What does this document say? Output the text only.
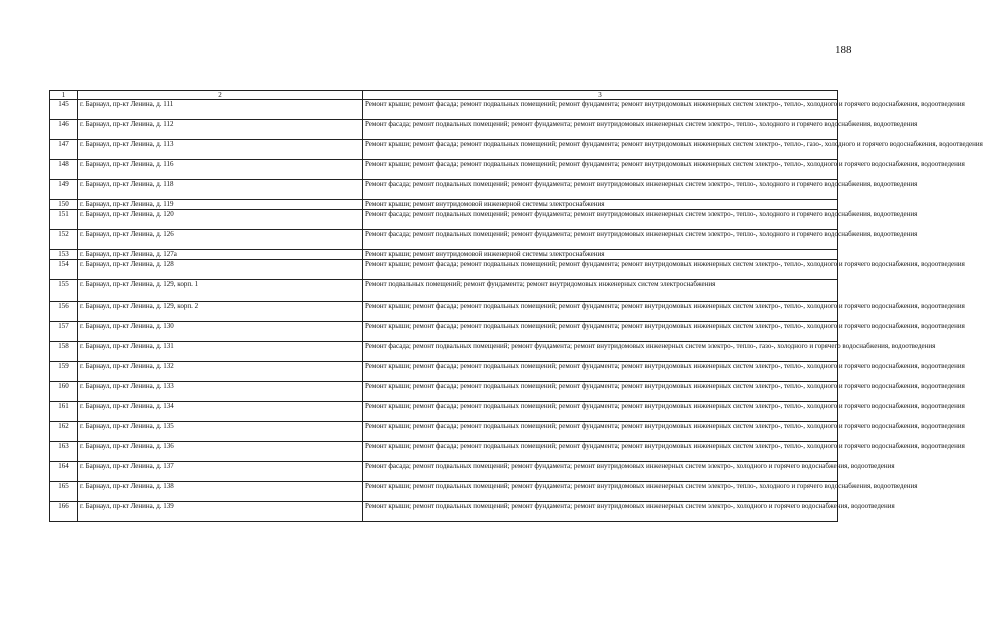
188
1	2	3
145	г. Барнаул, пр-кт Ленина, д. 111	Ремонт крыши; ремонт фасада; ремонт подвальных помещений; ремонт фундамента; ремонт внутридомовых инженерных систем электро-, тепло-, холодного и горячего водоснабжения, водоотведения
146	г. Барнаул, пр-кт Ленина, д. 112	Ремонт фасада; ремонт подвальных помещений; ремонт фундамента; ремонт внутридомовых инженерных систем электро-, тепло-, холодного и горячего водоснабжения, водоотведения
147	г. Барнаул, пр-кт Ленина, д. 113	Ремонт крыши; ремонт фасада; ремонт подвальных помещений; ремонт фундамента; ремонт внутридомовых инженерных систем электро-, тепло-, газо-, холодного и горячего водоснабжения, водоотведения
148	г. Барнаул, пр-кт Ленина, д. 116	Ремонт крыши; ремонт фасада; ремонт подвальных помещений; ремонт фундамента; ремонт внутридомовых инженерных систем электро-, тепло-, холодного и горячего водоснабжения, водоотведения
149	г. Барнаул, пр-кт Ленина, д. 118	Ремонт фасада; ремонт подвальных помещений; ремонт фундамента; ремонт внутридомовых инженерных систем электро-, тепло-, холодного и горячего водоснабжения, водоотведения
150	г. Барнаул, пр-кт Ленина, д. 119	Ремонт крыши; ремонт внутридомовой инженерной системы электроснабжения
151	г. Барнаул, пр-кт Ленина, д. 120	Ремонт фасада; ремонт подвальных помещений; ремонт фундамента; ремонт внутридомовых инженерных систем электро-, тепло-, холодного и горячего водоснабжения, водоотведения
152	г. Барнаул, пр-кт Ленина, д. 126	Ремонт фасада; ремонт подвальных помещений; ремонт фундамента; ремонт внутридомовых инженерных систем электро-, тепло-, холодного и горячего водоснабжения, водоотведения
153	г. Барнаул, пр-кт Ленина, д. 127а	Ремонт крыши; ремонт внутридомовой инженерной системы электроснабжения
154	г. Барнаул, пр-кт Ленина, д. 128	Ремонт крыши; ремонт фасада; ремонт подвальных помещений; ремонт фундамента; ремонт внутридомовых инженерных систем электро-, тепло-, холодного и горячего водоснабжения, водоотведения
155	г. Барнаул, пр-кт Ленина, д. 129, корп. 1	Ремонт подвальных помещений; ремонт фундамента; ремонт внутридомовых инженерных систем электроснабжения
156	г. Барнаул, пр-кт Ленина, д. 129, корп. 2	Ремонт крыши; ремонт фасада; ремонт подвальных помещений; ремонт фундамента; ремонт внутридомовых инженерных систем электро-, тепло-, холодного и горячего водоснабжения, водоотведения
157	г. Барнаул, пр-кт Ленина, д. 130	Ремонт крыши; ремонт фасада; ремонт подвальных помещений; ремонт фундамента; ремонт внутридомовых инженерных систем электро-, тепло-, холодного и горячего водоснабжения, водоотведения
158	г. Барнаул, пр-кт Ленина, д. 131	Ремонт фасада; ремонт подвальных помещений; ремонт фундамента; ремонт внутридомовых инженерных систем электро-, тепло-, газо-, холодного и горячего водоснабжения, водоотведения
159	г. Барнаул, пр-кт Ленина, д. 132	Ремонт крыши; ремонт фасада; ремонт подвальных помещений; ремонт фундамента; ремонт внутридомовых инженерных систем электро-, тепло-, холодного и горячего водоснабжения, водоотведения
160	г. Барнаул, пр-кт Ленина, д. 133	Ремонт крыши; ремонт фасада; ремонт подвальных помещений; ремонт фундамента; ремонт внутридомовых инженерных систем электро-, тепло-, холодного и горячего водоснабжения, водоотведения
161	г. Барнаул, пр-кт Ленина, д. 134	Ремонт крыши; ремонт фасада; ремонт подвальных помещений; ремонт фундамента; ремонт внутридомовых инженерных систем электро-, тепло-, холодного и горячего водоснабжения, водоотведения
162	г. Барнаул, пр-кт Ленина, д. 135	Ремонт крыши; ремонт фасада; ремонт подвальных помещений; ремонт фундамента; ремонт внутридомовых инженерных систем электро-, тепло-, холодного и горячего водоснабжения, водоотведения
163	г. Барнаул, пр-кт Ленина, д. 136	Ремонт крыши; ремонт фасада; ремонт подвальных помещений; ремонт фундамента; ремонт внутридомовых инженерных систем электро-, тепло-, холодного и горячего водоснабжения, водоотведения
164	г. Барнаул, пр-кт Ленина, д. 137	Ремонт фасада; ремонт подвальных помещений; ремонт фундамента; ремонт внутридомовых инженерных систем электро-, холодного и горячего водоснабжения, водоотведения
165	г. Барнаул, пр-кт Ленина, д. 138	Ремонт крыши; ремонт подвальных помещений; ремонт фундамента; ремонт внутридомовых инженерных систем электро-, тепло-, холодного и горячего водоснабжения, водоотведения
166	г. Барнаул, пр-кт Ленина, д. 139	Ремонт крыши; ремонт подвальных помещений; ремонт фундамента; ремонт внутридомовых инженерных систем электро-, холодного и горячего водоснабжения, водоотведения
